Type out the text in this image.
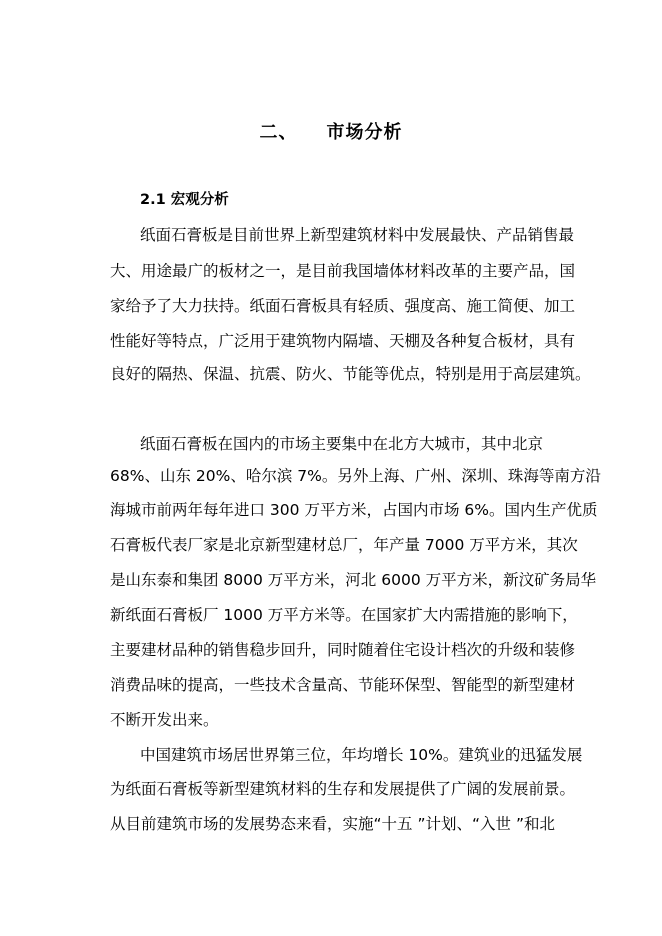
二、    市场分析
2.1 宏观分析
纸面石膏板是目前世界上新型建筑材料中发展最快、产品销售最
大、用途最广的板材之一，是目前我国墙体材料改革的主要产品，国
家给予了大力扶持。纸面石膏板具有轻质、强度高、施工简便、加工
性能好等特点，广泛用于建筑物内隔墙、天棚及各种复合板材，具有
良好的隔热、保温、抗震、防火、节能等优点，特别是用于高层建筑。
纸面石膏板在国内的市场主要集中在北方大城市，其中北京
68%、山东 20%、哈尔滨 7%。另外上海、广州、深圳、珠海等南方沿
海城市前两年每年进口 300 万平方米，占国内市场 6%。国内生产优质
石膏板代表厂家是北京新型建材总厂，年产量 7000 万平方米，其次
是山东泰和集团 8000 万平方米，河北 6000 万平方米，新汶矿务局华
新纸面石膏板厂 1000 万平方米等。在国家扩大内需措施的影响下，
主要建材品种的销售稳步回升，同时随着住宅设计档次的升级和装修
消费品味的提高，一些技术含量高、节能环保型、智能型的新型建材
不断开发出来。
中国建筑市场居世界第三位，年均增长 10%。建筑业的迅猛发展
为纸面石膏板等新型建筑材料的生存和发展提供了广阔的发展前景。
从目前建筑市场的发展势态来看，实施“十五 ”计划、“入世 ”和北
